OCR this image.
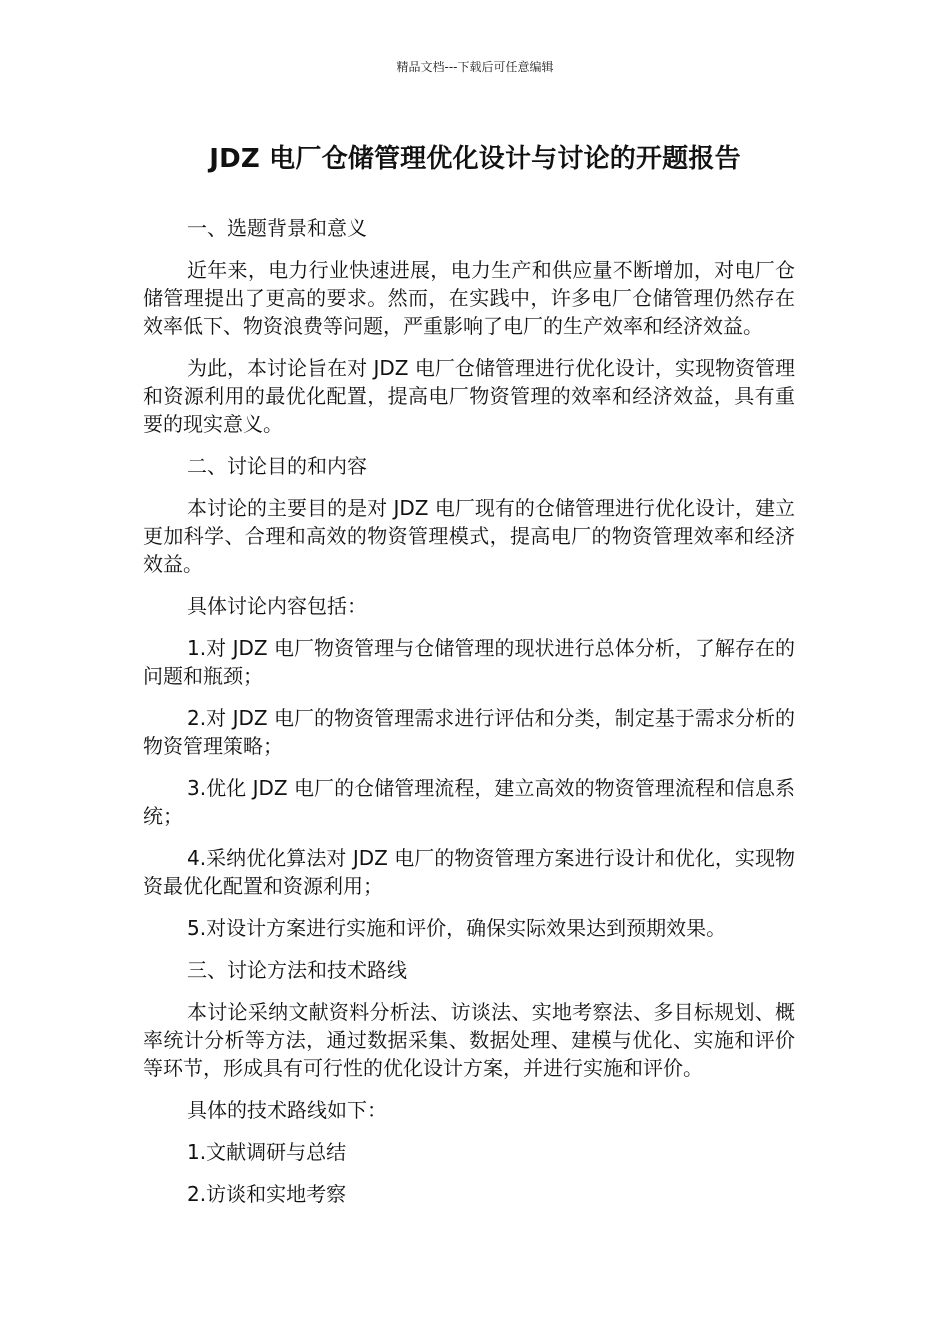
精品文档---下载后可任意编辑
JDZ 电厂仓储管理优化设计与讨论的开题报告

一、选题背景和意义

近年来，电力行业快速进展，电力生产和供应量不断增加，对电厂仓储管理提出了更高的要求。然而，在实践中，许多电厂仓储管理仍然存在效率低下、物资浪费等问题，严重影响了电厂的生产效率和经济效益。

为此，本讨论旨在对 JDZ 电厂仓储管理进行优化设计，实现物资管理和资源利用的最优化配置，提高电厂物资管理的效率和经济效益，具有重要的现实意义。

二、讨论目的和内容

本讨论的主要目的是对 JDZ 电厂现有的仓储管理进行优化设计，建立更加科学、合理和高效的物资管理模式，提高电厂的物资管理效率和经济效益。

具体讨论内容包括：

1.对 JDZ 电厂物资管理与仓储管理的现状进行总体分析，了解存在的问题和瓶颈；

2.对 JDZ 电厂的物资管理需求进行评估和分类，制定基于需求分析的物资管理策略；

3.优化 JDZ 电厂的仓储管理流程，建立高效的物资管理流程和信息系统；

4.采纳优化算法对 JDZ 电厂的物资管理方案进行设计和优化，实现物资最优化配置和资源利用；

5.对设计方案进行实施和评价，确保实际效果达到预期效果。

三、讨论方法和技术路线

本讨论采纳文献资料分析法、访谈法、实地考察法、多目标规划、概率统计分析等方法，通过数据采集、数据处理、建模与优化、实施和评价等环节，形成具有可行性的优化设计方案，并进行实施和评价。

具体的技术路线如下：

1.文献调研与总结

2.访谈和实地考察
